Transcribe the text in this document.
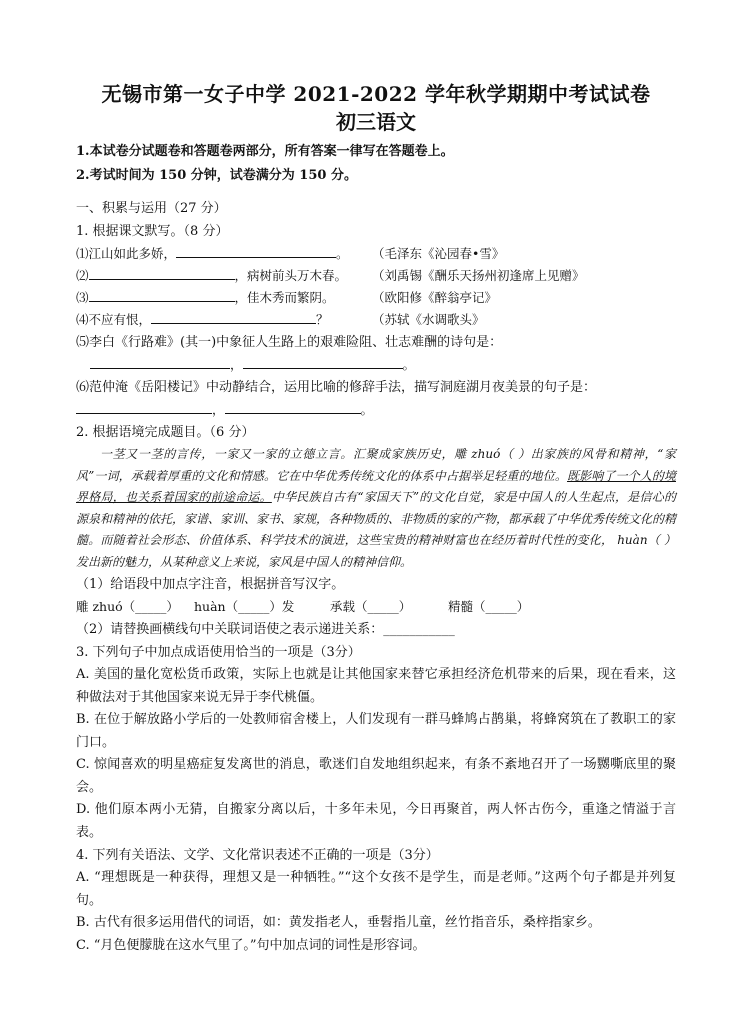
无锡市第一女子中学 2021-2022 学年秋学期期中考试试卷
初三语文
1.本试卷分试题卷和答题卷两部分，所有答案一律写在答题卷上。
2.考试时间为 150 分钟，试卷满分为 150 分。
一、积累与运用（27 分）
1. 根据课文默写。（8 分）
⑴江山如此多娇，	。	（毛泽东《沁园春•雪》
⑵	，病树前头万木春。	（刘禹锡《酬乐天扬州初逢席上见赠》
⑶	，佳木秀而繁阴。	（欧阳修《醉翁亭记》
⑷不应有恨，	？	（苏轼《水调歌头》
⑸李白《行路难》(其一)中象征人生路上的艰难险阻、壮志难酬的诗句是：
，	。
⑹范仲淹《岳阳楼记》中动静结合，运用比喻的修辞手法，描写洞庭湖月夜美景的句子是：
，	。
2. 根据语境完成题目。（6 分）
一茎又一茎的言传，一家又一家的立德立言。汇聚成家族历史，雕 zhuó（ ）出家族的风骨和精神，“家风”一词，承载着厚重的文化和情感。它在中华优秀传统文化的体系中占据举足轻重的地位。既影响了一个人的境界格局，也关系着国家的前途命运。中华民族自古有“家国天下”的文化自觉，家是中国人的人生起点，是信心的源泉和精神的依托，家谱、家训、家书、家规，各种物质的、非物质的家的产物，都承载了中华优秀传统文化的精髓。而随着社会形态、价值体系、科学技术的演进，这些宝贵的精神财富也在经历着时代性的变化， huàn（ ）发出新的魅力，从某种意义上来说，家风是中国人的精神信仰。
（1）给语段中加点字注音，根据拼音写汉字。
雕 zhuó（_____） huàn（_____）发	承载（_____）	精髓（_____）
（2）请替换画横线句中关联词语使之表示递进关系：___________
3. 下列句子中加点成语使用恰当的一项是（3分）
A. 美国的量化宽松货币政策，实际上也就是让其他国家来替它承担经济危机带来的后果，现在看来，这种做法对于其他国家来说无异于李代桃僵。
B. 在位于解放路小学后的一处教师宿舍楼上，人们发现有一群马蜂鸠占鹊巢，将蜂窝筑在了教职工的家门口。
C. 惊闻喜欢的明星癌症复发离世的消息，歌迷们自发地组织起来，有条不紊地召开了一场嬲嘶底里的聚会。
D. 他们原本两小无猜，自搬家分离以后，十多年未见，今日再聚首，两人怀古伤今，重逢之情溢于言表。
4. 下列有关语法、文学、文化常识表述不正确的一项是（3分）
A. “理想既是一种获得，理想又是一种牺牲。”“这个女孩不是学生，而是老师。”这两个句子都是并列复句。
B. 古代有很多运用借代的词语，如：黄发指老人，垂髫指儿童，丝竹指音乐，桑梓指家乡。
C. “月色便朦胧在这水气里了。”句中加点词的词性是形容词。
